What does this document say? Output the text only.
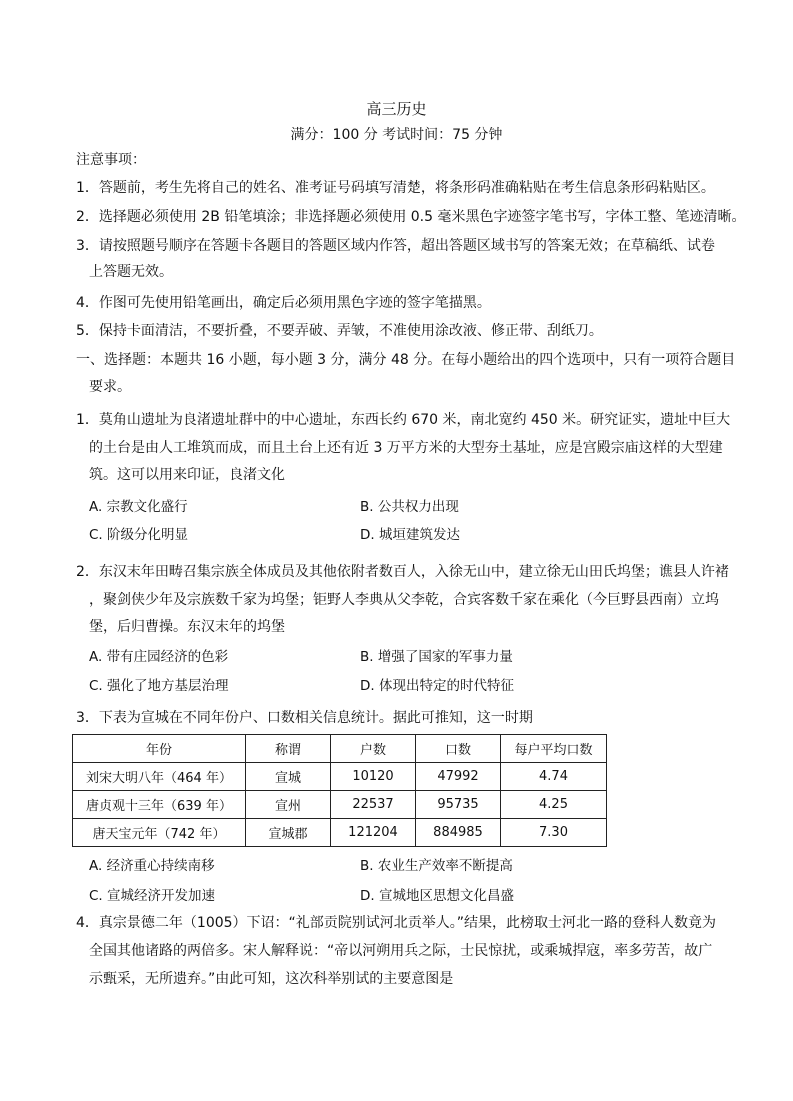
高三历史
满分：100 分 考试时间：75 分钟
注意事项：
1．答题前，考生先将自己的姓名、准考证号码填写清楚，将条形码准确粘贴在考生信息条形码粘贴区。
2．选择题必须使用 2B 铅笔填涂；非选择题必须使用 0.5 毫米黑色字迹签字笔书写，字体工整、笔迹清晰。
3．请按照题号顺序在答题卡各题目的答题区域内作答，超出答题区域书写的答案无效；在草稿纸、试卷
上答题无效。
4．作图可先使用铅笔画出，确定后必须用黑色字迹的签字笔描黑。
5．保持卡面清洁，不要折叠，不要弄破、弄皱，不准使用涂改液、修正带、刮纸刀。
一、选择题：本题共 16 小题，每小题 3 分，满分 48 分。在每小题给出的四个选项中，只有一项符合题目
要求。
1．莫角山遗址为良渚遗址群中的中心遗址，东西长约 670 米，南北宽约 450 米。研究证实，遗址中巨大
的土台是由人工堆筑而成，而且土台上还有近 3 万平方米的大型夯土基址，应是宫殿宗庙这样的大型建
筑。这可以用来印证，良渚文化
A. 宗教文化盛行	B. 公共权力出现
C. 阶级分化明显	D. 城垣建筑发达
2．东汉末年田畴召集宗族全体成员及其他依附者数百人，入徐无山中，建立徐无山田氏坞堡；谯县人许褚
，聚剑侠少年及宗族数千家为坞堡；钜野人李典从父李乾，合宾客数千家在乘化（今巨野县西南）立坞
堡，后归曹操。东汉末年的坞堡
A. 带有庄园经济的色彩	B. 增强了国家的军事力量
C. 强化了地方基层治理	D. 体现出特定的时代特征
3．下表为宣城在不同年份户、口数相关信息统计。据此可推知，这一时期
年份	称谓	户数	口数	每户平均口数
刘宋大明八年（464 年）	宣城	10120	47992	4.74
唐贞观十三年（639 年）	宣州	22537	95735	4.25
唐天宝元年（742 年）	宣城郡	121204	884985	7.30
A. 经济重心持续南移	B. 农业生产效率不断提高
C. 宣城经济开发加速	D. 宣城地区思想文化昌盛
4．真宗景德二年（1005）下诏：“礼部贡院别试河北贡举人。”结果，此榜取士河北一路的登科人数竟为
全国其他诸路的两倍多。宋人解释说：“帝以河朔用兵之际，士民惊扰，或乘城捍寇，率多劳苦，故广
示甄采，无所遗弃。”由此可知，这次科举别试的主要意图是
